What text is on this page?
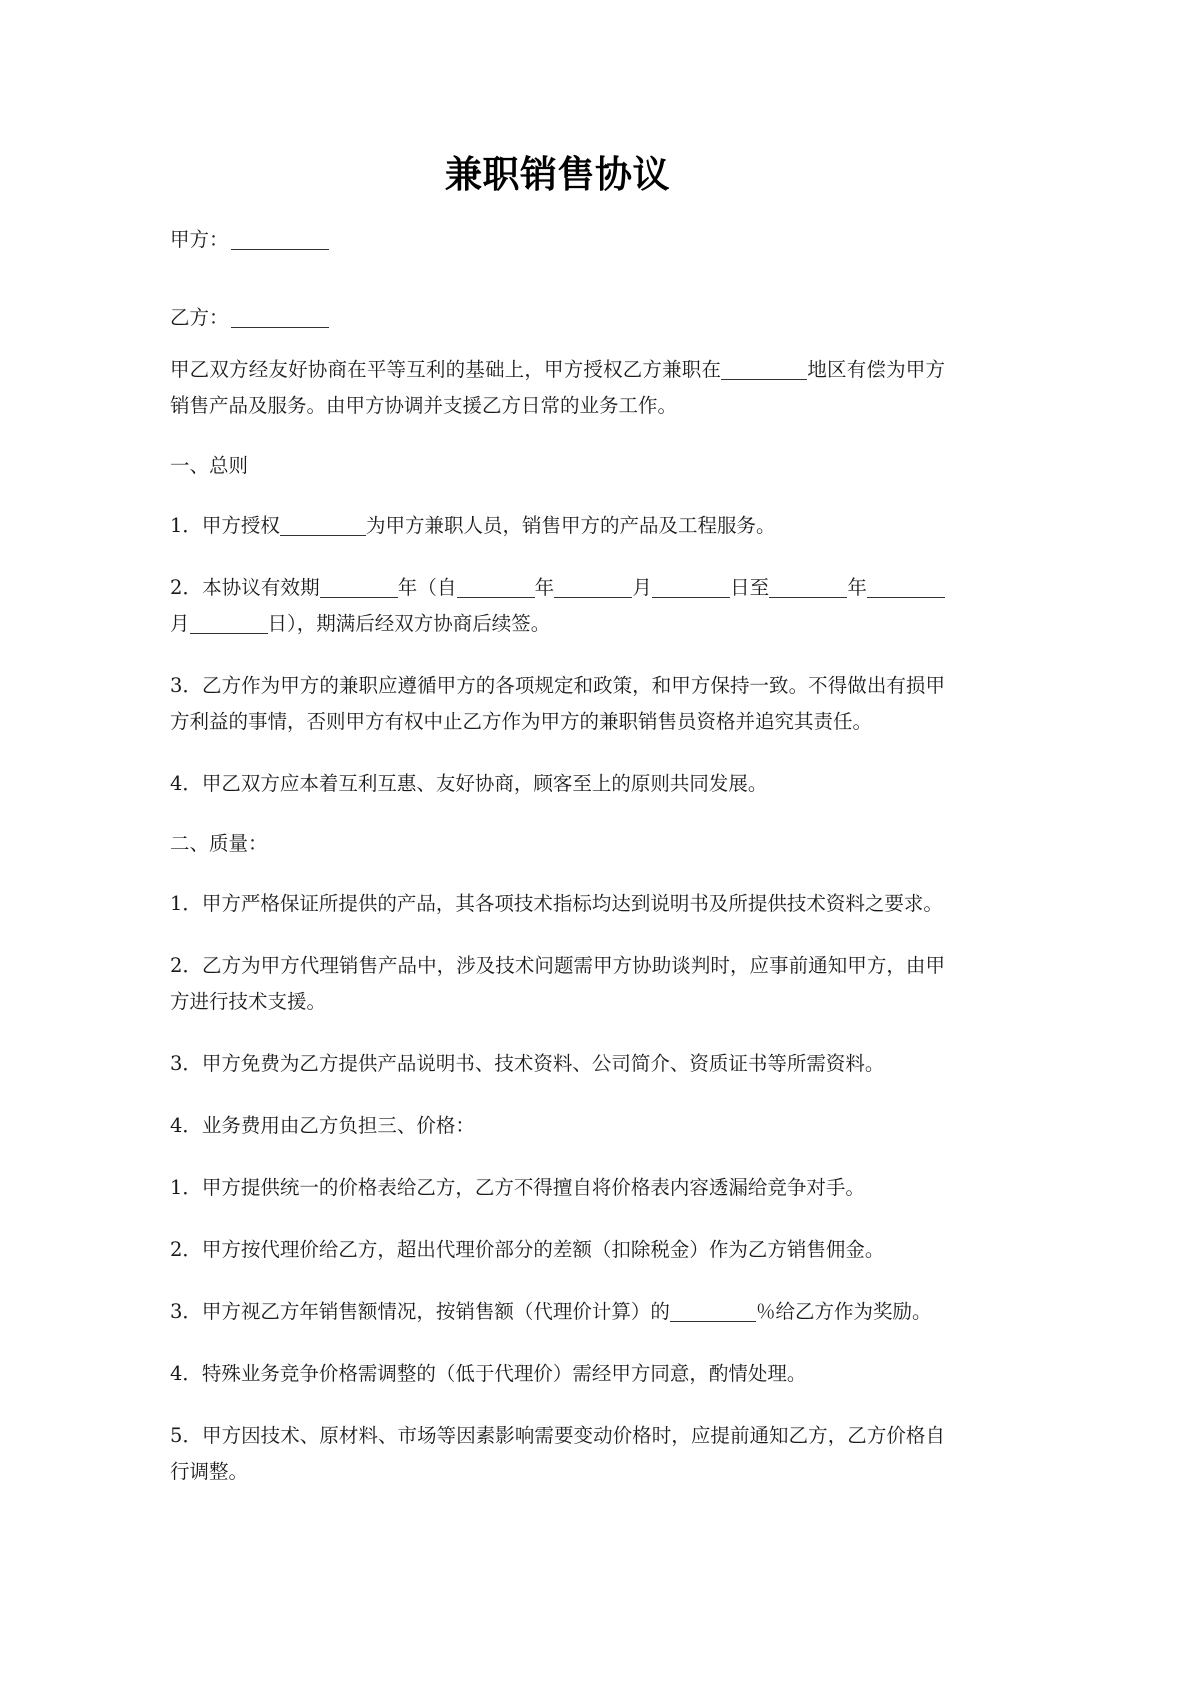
兼职销售协议

甲方：

乙方：

甲乙双方经友好协商在平等互利的基础上，甲方授权乙方兼职在	地区有偿为甲方销售产品及服务。由甲方协调并支援乙方日常的业务工作。

一、总则

1．甲方授权	为甲方兼职人员，销售甲方的产品及工程服务。

2．本协议有效期	年（自	年	月	日至	年月	日），期满后经双方协商后续签。

3．乙方作为甲方的兼职应遵循甲方的各项规定和政策，和甲方保持一致。不得做出有损甲方利益的事情，否则甲方有权中止乙方作为甲方的兼职销售员资格并追究其责任。

4．甲乙双方应本着互利互惠、友好协商，顾客至上的原则共同发展。

二、质量：

1．甲方严格保证所提供的产品，其各项技术指标均达到说明书及所提供技术资料之要求。

2．乙方为甲方代理销售产品中，涉及技术问题需甲方协助谈判时，应事前通知甲方，由甲方进行技术支援。

3．甲方免费为乙方提供产品说明书、技术资料、公司简介、资质证书等所需资料。

4．业务费用由乙方负担三、价格：

1．甲方提供统一的价格表给乙方，乙方不得擅自将价格表内容透漏给竞争对手。

2．甲方按代理价给乙方，超出代理价部分的差额（扣除税金）作为乙方销售佣金。

3．甲方视乙方年销售额情况，按销售额（代理价计算）的	％给乙方作为奖励。

4．特殊业务竞争价格需调整的（低于代理价）需经甲方同意，酌情处理。

5．甲方因技术、原材料、市场等因素影响需要变动价格时，应提前通知乙方，乙方价格自行调整。
